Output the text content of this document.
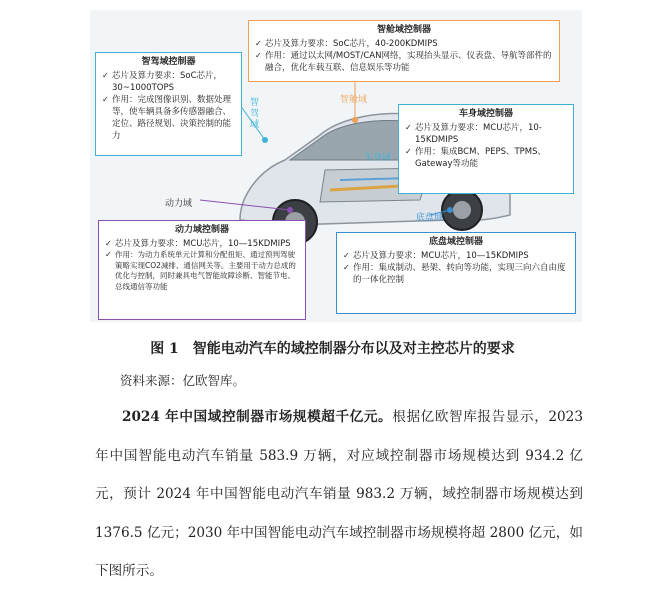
智驾域控制器
✓ 芯片及算力要求：SoC芯片，30~1000TOPS
✓ 作用：完成图像识别、数据处理等，使车辆具备多传感器融合、定位、路径规划、决策控制的能力
智舱域控制器
✓ 芯片及算力要求：SoC芯片，40-200KDMIPS
✓ 作用：通过以太网/MOST/CAN网络，实现抬头显示、仪表盘、导航等部件的融合，优化车载互联、信息娱乐等功能
车身域控制器
✓ 芯片及算力要求：MCU芯片，10-15KDMIPS
✓ 作用：集成BCM、PEPS、TPMS、Gateway等功能
动力域控制器
✓ 芯片及算力要求：MCU芯片，10—15KDMIPS
✓ 作用：为动力系统单元计算和分配扭矩、通过预判驾驶策略实现CO2减排、通信网关等。主要用于动力总成的优化与控制，同时兼具电气智能故障诊断、智能节电、总线通信等功能
底盘域控制器
✓ 芯片及算力要求：MCU芯片，10—15KDMIPS
✓ 作用：集成制动、悬架、转向等功能，实现三向六自由度的一体化控制
智
驾
域
智舱域
车身域
动力域
底盘域
图 1　智能电动汽车的域控制器分布以及对主控芯片的要求
资料来源：亿欧智库。
2024 年中国域控制器市场规模超千亿元。根据亿欧智库报告显示，2023 年中国智能电动汽车销量 583.9 万辆，对应域控制器市场规模达到 934.2 亿元，预计 2024 年中国智能电动汽车销量 983.2 万辆，域控制器市场规模达到 1376.5 亿元；2030 年中国智能电动汽车域控制器市场规模将超 2800 亿元，如下图所示。
